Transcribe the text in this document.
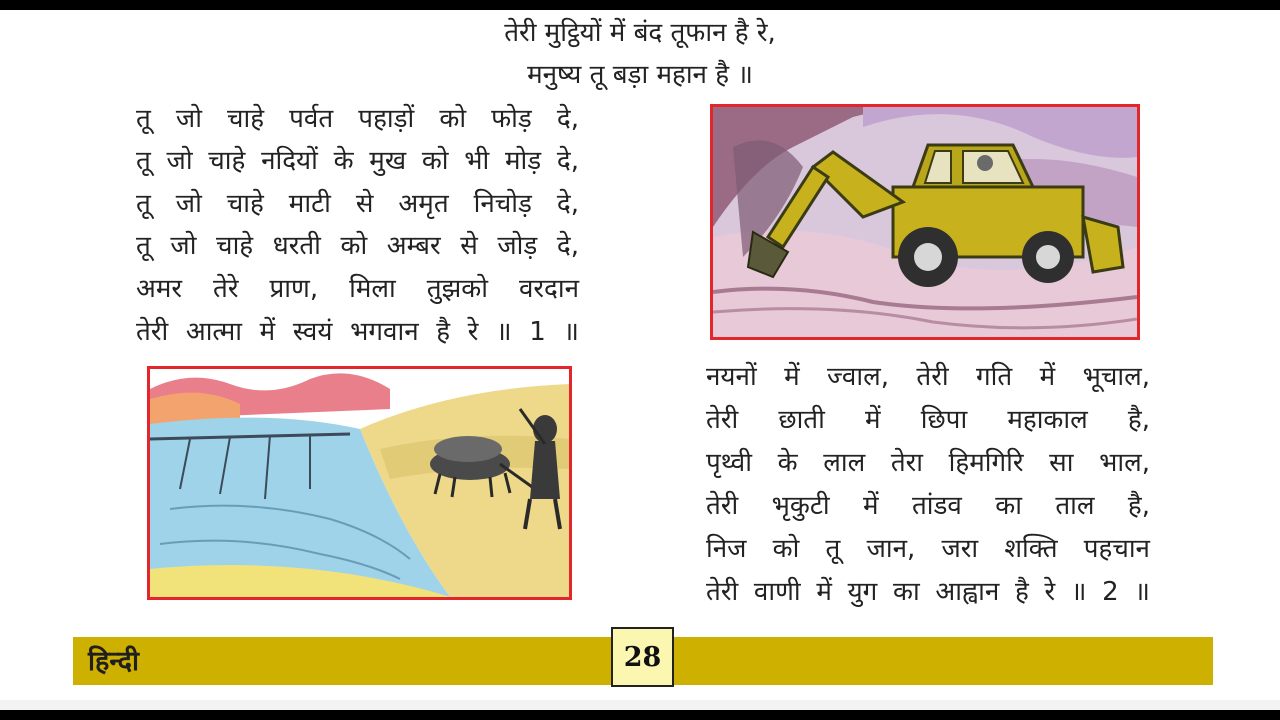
तेरी मुट्ठियों में बंद तूफान है रे,
मनुष्य तू बड़ा महान है ॥
तू जो चाहे पर्वत पहाड़ों को फोड़ दे,
तू जो चाहे नदियों के मुख को भी मोड़ दे,
तू जो चाहे माटी से अमृत निचोड़ दे,
तू जो चाहे धरती को अम्बर से जोड़ दे,
अमर तेरे प्राण, मिला तुझको वरदान
तेरी आत्मा में स्वयं भगवान है रे ॥ 1 ॥
नयनों में ज्वाल, तेरी गति में भूचाल,
तेरी छाती में छिपा महाकाल है,
पृथ्वी के लाल तेरा हिमगिरि सा भाल,
तेरी भृकुटी में तांडव का ताल है,
निज को तू जान, जरा शक्ति पहचान
तेरी वाणी में युग का आह्वान है रे ॥ 2 ॥
हिन्दी	28
